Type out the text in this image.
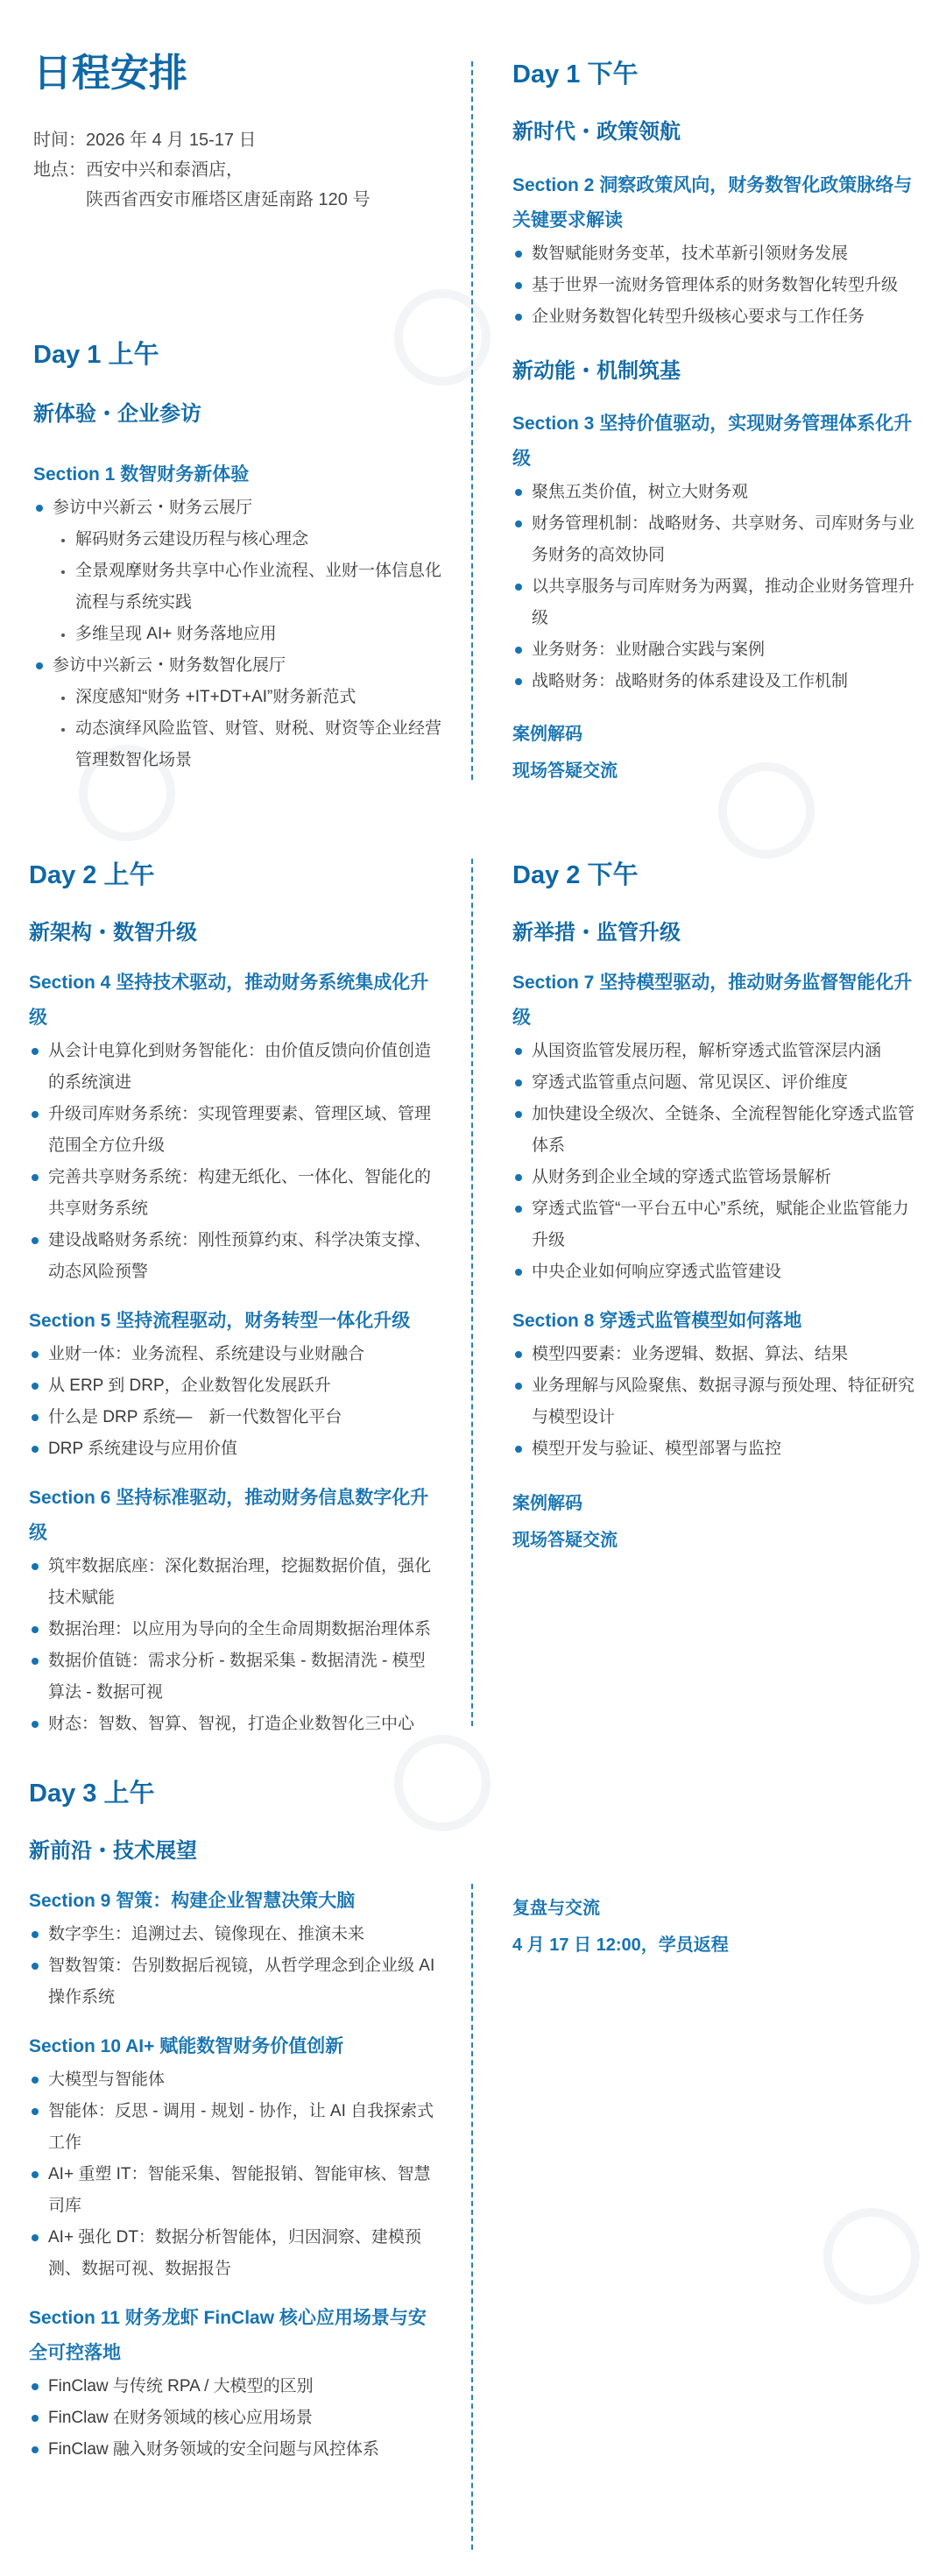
日程安排
时间： 2026 年 4 月 15-17 日
地点： 西安中兴和泰酒店，
陕西省西安市雁塔区唐延南路 120 号
Day 1 上午
新体验・企业参访
Section 1 数智财务新体验
参访中兴新云・财务云展厅
解码财务云建设历程与核心理念
全景观摩财务共享中心作业流程、业财一体信息化流程与系统实践
多维呈现 AI+ 财务落地应用
参访中兴新云・财务数智化展厅
深度感知“财务 +IT+DT+AI”财务新范式
动态演绎风险监管、财管、财税、财资等企业经营管理数智化场景
Day 1 下午
新时代・政策领航
Section 2 洞察政策风向，财务数智化政策脉络与关键要求解读
数智赋能财务变革，技术革新引领财务发展
基于世界一流财务管理体系的财务数智化转型升级
企业财务数智化转型升级核心要求与工作任务
新动能・机制筑基
Section 3 坚持价值驱动，实现财务管理体系化升级
聚焦五类价值，树立大财务观
财务管理机制：战略财务、共享财务、司库财务与业务财务的高效协同
以共享服务与司库财务为两翼，推动企业财务管理升级
业务财务：业财融合实践与案例
战略财务：战略财务的体系建设及工作机制
案例解码
现场答疑交流
Day 2 上午
新架构・数智升级
Section 4 坚持技术驱动，推动财务系统集成化升级
从会计电算化到财务智能化：由价值反馈向价值创造的系统演进
升级司库财务系统：实现管理要素、管理区域、管理范围全方位升级
完善共享财务系统：构建无纸化、一体化、智能化的共享财务系统
建设战略财务系统：刚性预算约束、科学决策支撑、动态风险预警
Section 5 坚持流程驱动，财务转型一体化升级
业财一体：业务流程、系统建设与业财融合
从 ERP 到 DRP，企业数智化发展跃升
什么是 DRP 系统—　新一代数智化平台
DRP 系统建设与应用价值
Section 6 坚持标准驱动，推动财务信息数字化升级
筑牢数据底座：深化数据治理，挖掘数据价值，强化技术赋能
数据治理：以应用为导向的全生命周期数据治理体系
数据价值链：需求分析 - 数据采集 - 数据清洗 - 模型算法 - 数据可视
财态：智数、智算、智视，打造企业数智化三中心
Day 2 下午
新举措・监管升级
Section 7 坚持模型驱动，推动财务监督智能化升级
从国资监管发展历程，解析穿透式监管深层内涵
穿透式监管重点问题、常见误区、评价维度
加快建设全级次、全链条、全流程智能化穿透式监管体系
从财务到企业全域的穿透式监管场景解析
穿透式监管“一平台五中心”系统，赋能企业监管能力升级
中央企业如何响应穿透式监管建设
Section 8 穿透式监管模型如何落地
模型四要素：业务逻辑、数据、算法、结果
业务理解与风险聚焦、数据寻源与预处理、特征研究与模型设计
模型开发与验证、模型部署与监控
案例解码
现场答疑交流
Day 3 上午
新前沿・技术展望
Section 9 智策：构建企业智慧决策大脑
数字孪生：追溯过去、镜像现在、推演未来
智数智策：告别数据后视镜，从哲学理念到企业级 AI 操作系统
Section 10 AI+ 赋能数智财务价值创新
大模型与智能体
智能体：反思 - 调用 - 规划 - 协作，让 AI 自我探索式工作
AI+ 重塑 IT：智能采集、智能报销、智能审核、智慧司库
AI+ 强化 DT：数据分析智能体，归因洞察、建模预测、数据可视、数据报告
Section 11 财务龙虾 FinClaw 核心应用场景与安全可控落地
FinClaw 与传统 RPA / 大模型的区别
FinClaw 在财务领域的核心应用场景
FinClaw 融入财务领域的安全问题与风控体系
复盘与交流
4 月 17 日 12:00，学员返程
